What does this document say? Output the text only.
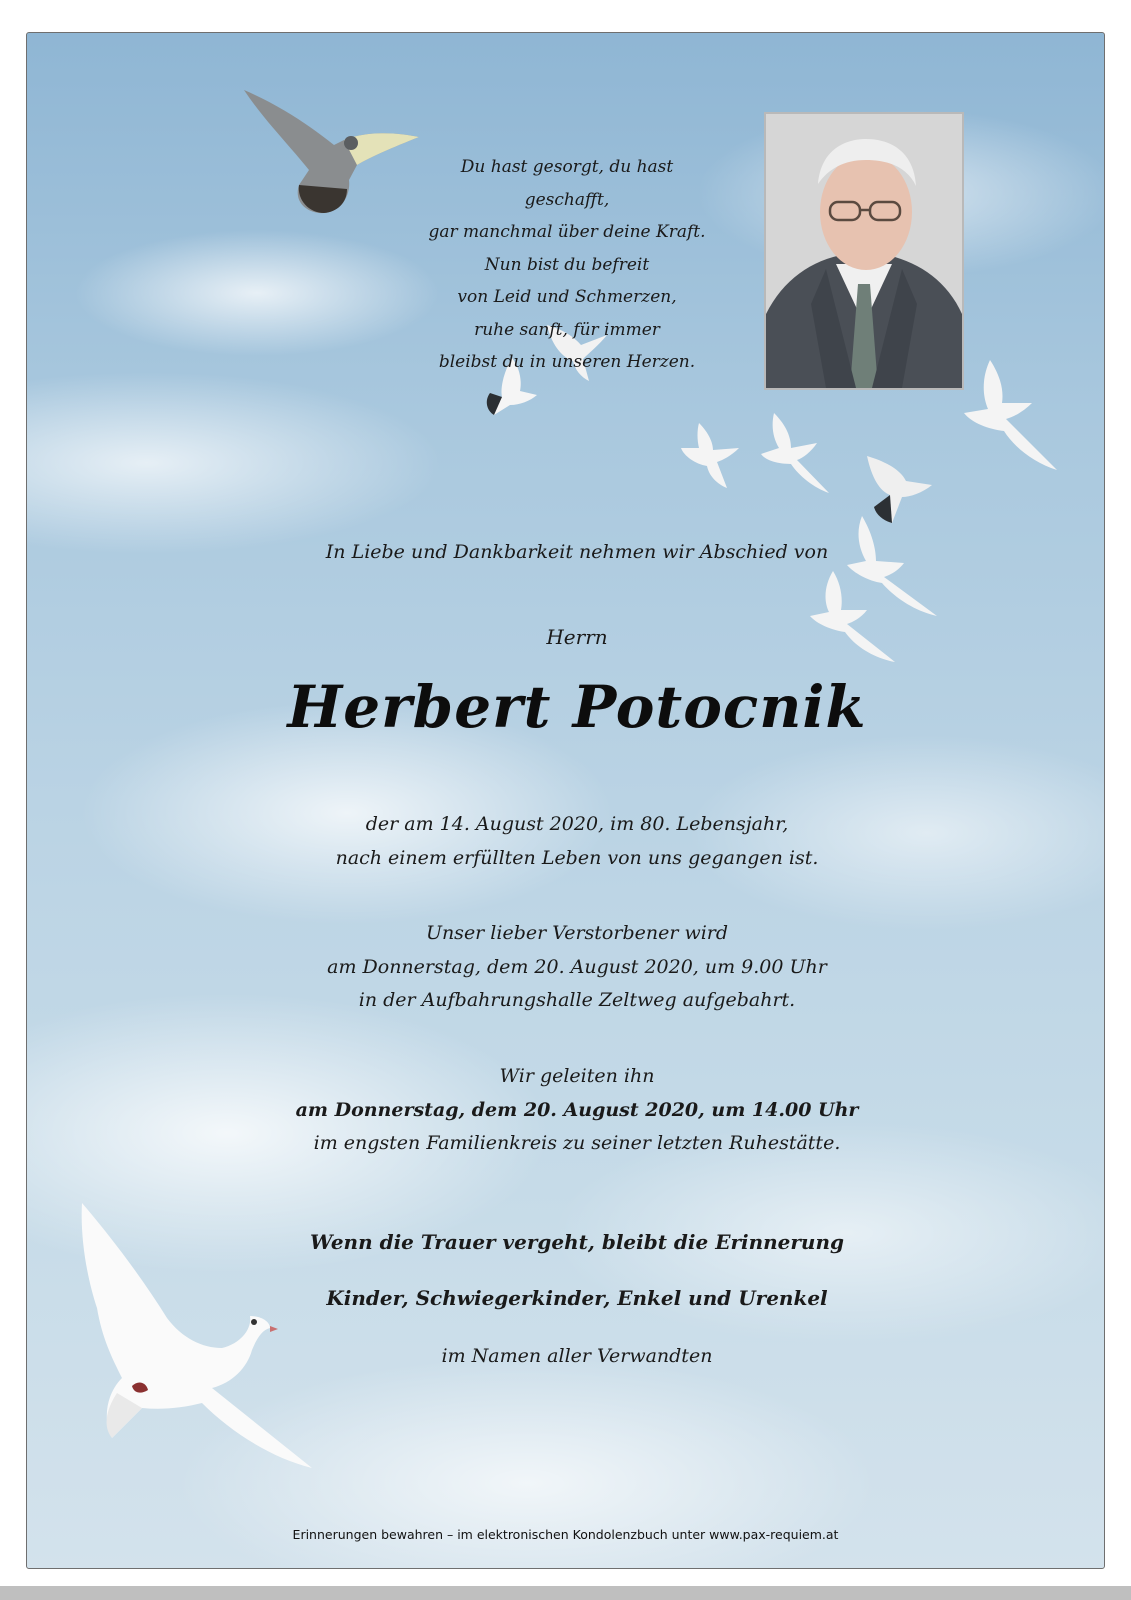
Du hast gesorgt, du hast geschafft,
gar manchmal über deine Kraft.
Nun bist du befreit
von Leid und Schmerzen,
ruhe sanft, für immer
bleibst du in unseren Herzen.

In Liebe und Dankbarkeit nehmen wir Abschied von

Herrn

Herbert Potocnik

der am 14. August 2020, im 80. Lebensjahr,
nach einem erfüllten Leben von uns gegangen ist.

Unser lieber Verstorbener wird
am Donnerstag, dem 20. August 2020, um 9.00 Uhr
in der Aufbahrungshalle Zeltweg aufgebahrt.

Wir geleiten ihn
am Donnerstag, dem 20. August 2020, um 14.00 Uhr
im engsten Familienkreis zu seiner letzten Ruhestätte.

Wenn die Trauer vergeht, bleibt die Erinnerung

Kinder, Schwiegerkinder, Enkel und Urenkel

im Namen aller Verwandten

Erinnerungen bewahren – im elektronischen Kondolenzbuch unter www.pax-requiem.at
